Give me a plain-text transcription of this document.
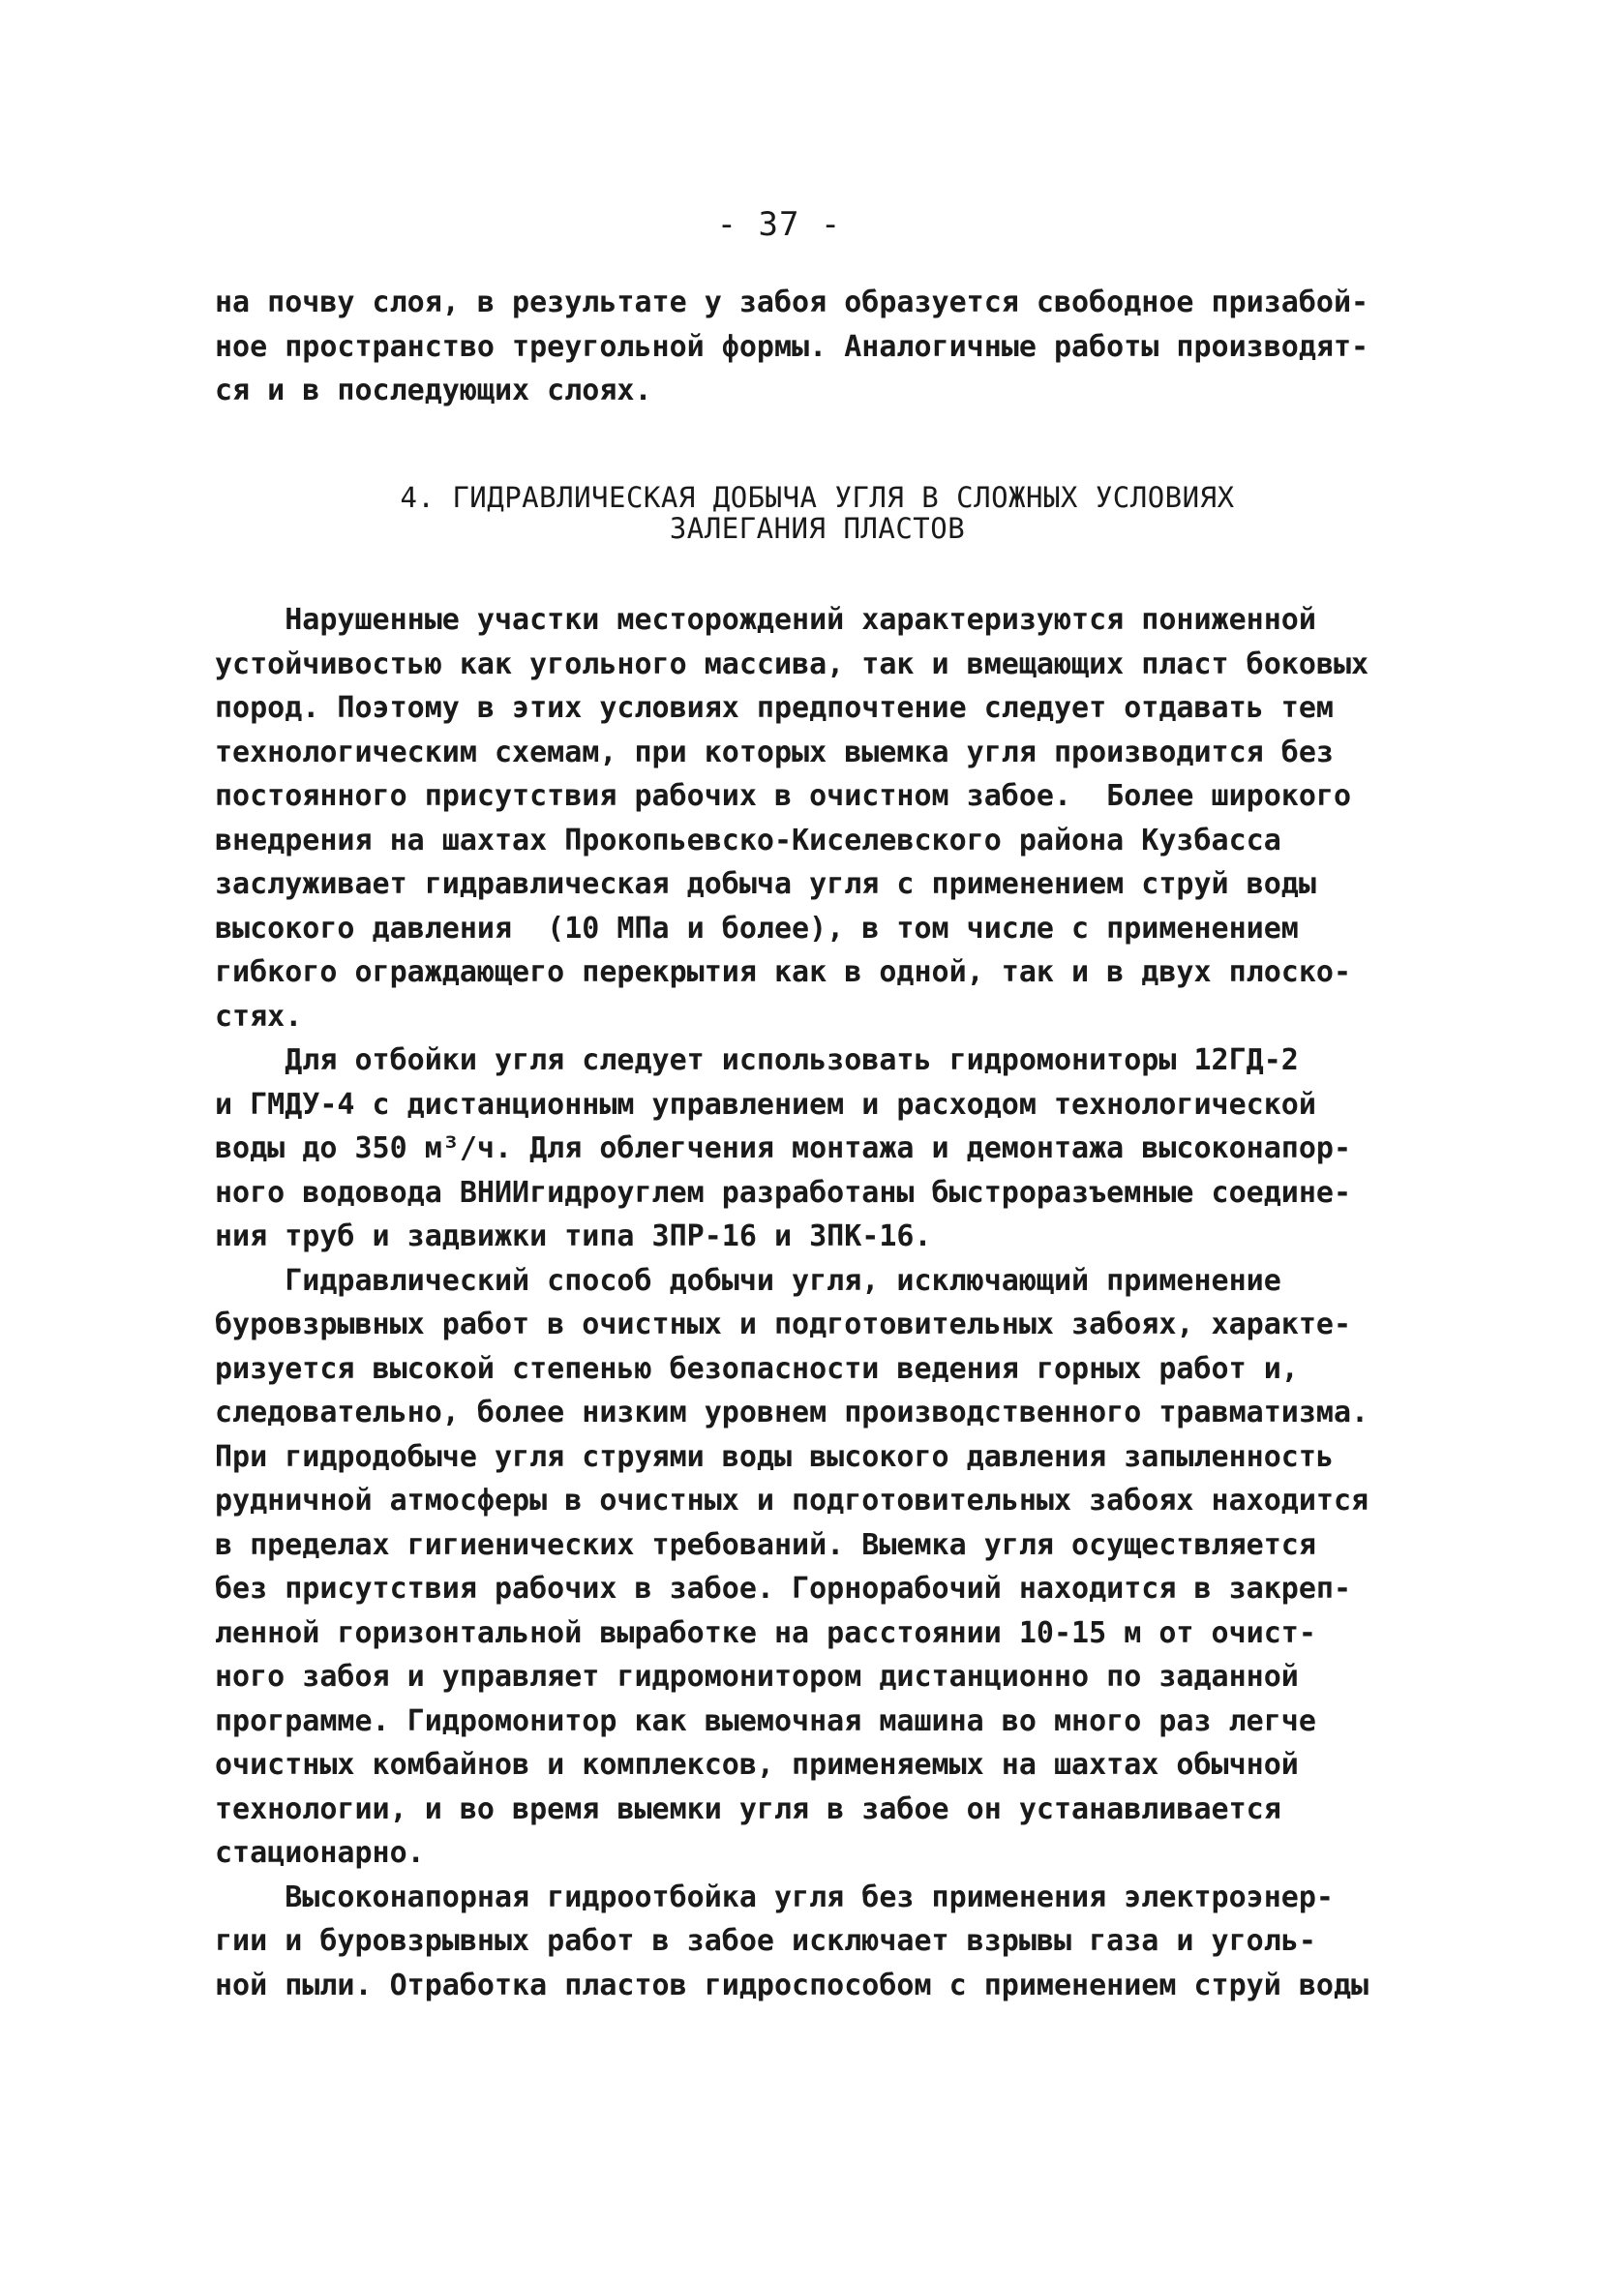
- 37 -
на почву слоя, в результате у забоя образуется свободное призабой-
ное пространство треугольной формы. Аналогичные работы производят-
ся и в последующих слоях.
4. ГИДРАВЛИЧЕСКАЯ ДОБЫЧА УГЛЯ В СЛОЖНЫХ УСЛОВИЯХ
ЗАЛЕГАНИЯ ПЛАСТОВ
Нарушенные участки месторождений характеризуются пониженной
устойчивостью как угольного массива, так и вмещающих пласт боковых
пород. Поэтому в этих условиях предпочтение следует отдавать тем
технологическим схемам, при которых выемка угля производится без
постоянного присутствия рабочих в очистном забое.  Более широкого
внедрения на шахтах Прокопьевско-Киселевского района Кузбасса
заслуживает гидравлическая добыча угля с применением струй воды
высокого давления  (10 МПа и более), в том числе с применением
гибкого ограждающего перекрытия как в одной, так и в двух плоско-
стях.
Для отбойки угля следует использовать гидромониторы 12ГД-2
и ГМДУ-4 с дистанционным управлением и расходом технологической
воды до 350 м³/ч. Для облегчения монтажа и демонтажа высоконапор-
ного водовода ВНИИгидроуглем разработаны быстроразъемные соедине-
ния труб и задвижки типа ЗПР-16 и ЗПК-16.
Гидравлический способ добычи угля, исключающий применение
буровзрывных работ в очистных и подготовительных забоях, характе-
ризуется высокой степенью безопасности ведения горных работ и,
следовательно, более низким уровнем производственного травматизма.
При гидродобыче угля струями воды высокого давления запыленность
рудничной атмосферы в очистных и подготовительных забоях находится
в пределах гигиенических требований. Выемка угля осуществляется
без присутствия рабочих в забое. Горнорабочий находится в закреп-
ленной горизонтальной выработке на расстоянии 10-15 м от очист-
ного забоя и управляет гидромонитором дистанционно по заданной
программе. Гидромонитор как выемочная машина во много раз легче
очистных комбайнов и комплексов, применяемых на шахтах обычной
технологии, и во время выемки угля в забое он устанавливается
стационарно.
Высоконапорная гидроотбойка угля без применения электроэнер-
гии и буровзрывных работ в забое исключает взрывы газа и уголь-
ной пыли. Отработка пластов гидроспособом с применением струй воды
